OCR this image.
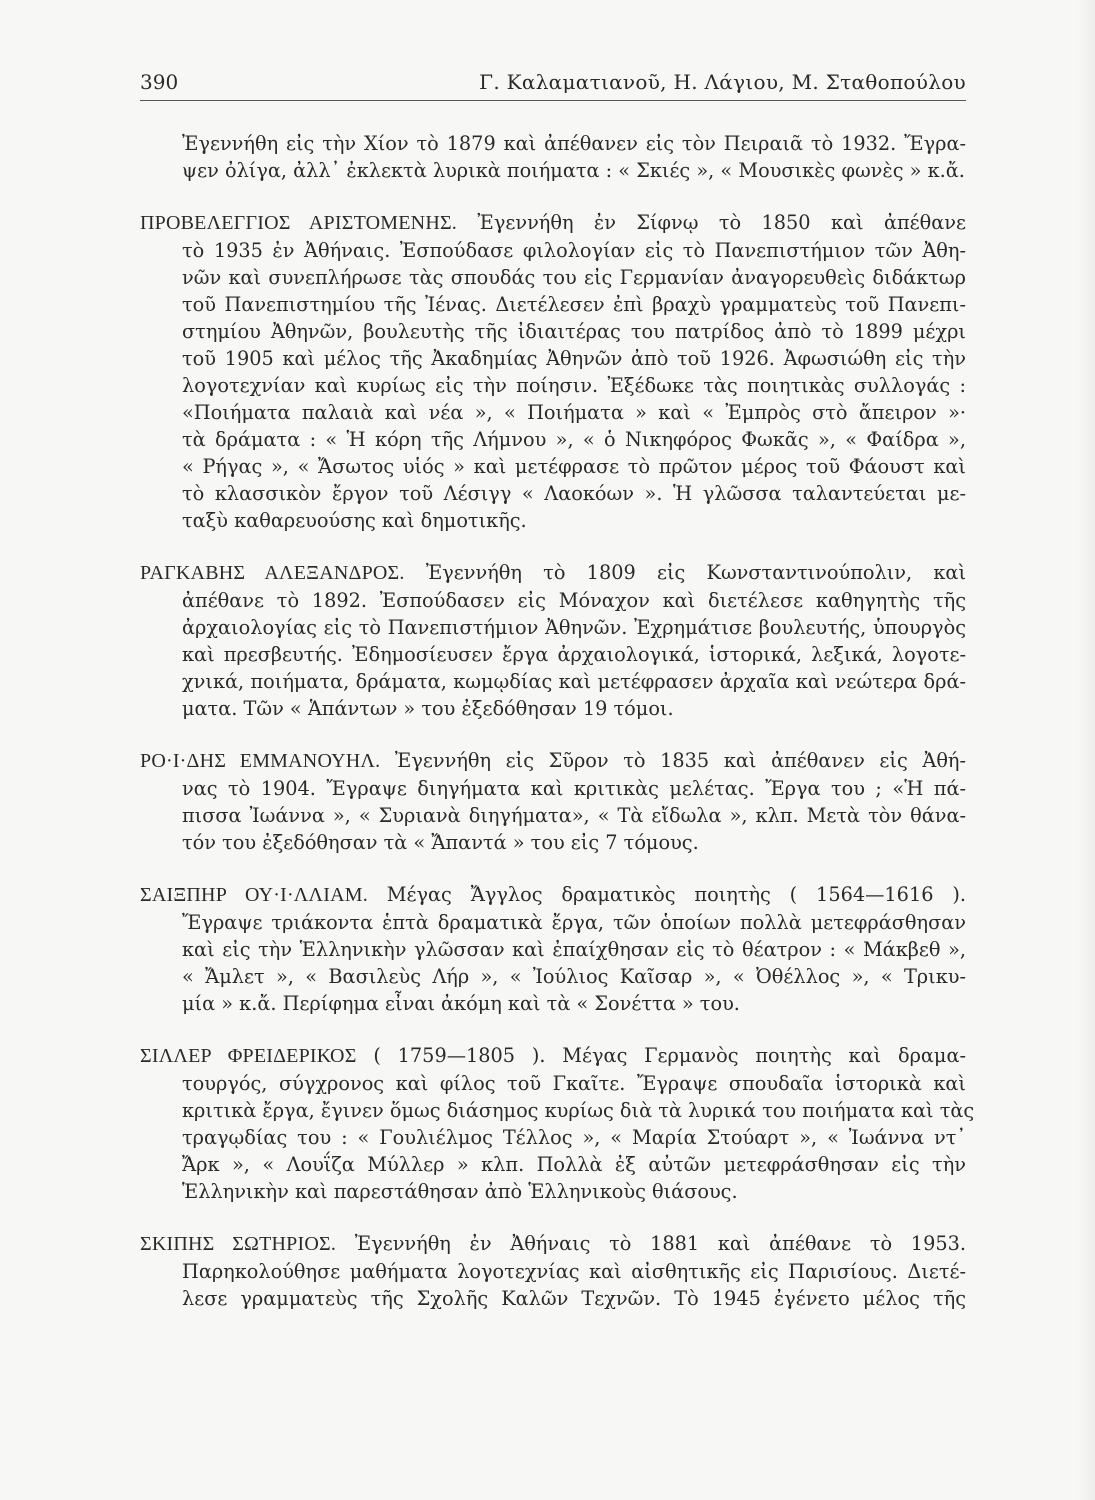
390	Γ. Καλαματιανοῦ, Η. Λάγιου, Μ. Σταθοπούλου

Ἐγεννήθη εἰς τὴν Χίον τὸ 1879 καὶ ἀπέθανεν εἰς τὸν Πειραιᾶ τὸ 1932. Ἔγρα-
ψεν ὀλίγα, ἀλλ᾽ ἐκλεκτὰ λυρικὰ ποιήματα : « Σκιές », « Μουσικὲς φωνὲς » κ.ἄ.

ΠΡΟΒΕΛΕΓΓΙΟΣ ΑΡΙΣΤΟΜΕΝΗΣ. Ἐγεννήθη ἐν Σίφνῳ τὸ 1850 καὶ ἀπέθανε
τὸ 1935 ἐν Ἀθήναις. Ἐσπούδασε φιλολογίαν εἰς τὸ Πανεπιστήμιον τῶν Ἀθη-
νῶν καὶ συνεπλήρωσε τὰς σπουδάς του εἰς Γερμανίαν ἀναγορευθεὶς διδάκτωρ
τοῦ Πανεπιστημίου τῆς Ἰένας. Διετέλεσεν ἐπὶ βραχὺ γραμματεὺς τοῦ Πανεπι-
στημίου Ἀθηνῶν, βουλευτὴς τῆς ἰδιαιτέρας του πατρίδος ἀπὸ τὸ 1899 μέχρι
τοῦ 1905 καὶ μέλος τῆς Ἀκαδημίας Ἀθηνῶν ἀπὸ τοῦ 1926. Ἀφωσιώθη εἰς τὴν
λογοτεχνίαν καὶ κυρίως εἰς τὴν ποίησιν. Ἐξέδωκε τὰς ποιητικὰς συλλογάς :
«Ποιήματα παλαιὰ καὶ νέα », « Ποιήματα » καὶ « Ἐμπρὸς στὸ ἄπειρον »·
τὰ δράματα : « Ἡ κόρη τῆς Λήμνου », « ὁ Νικηφόρος Φωκᾶς », « Φαίδρα »,
« Ρήγας », « Ἄσωτος υἱός » καὶ μετέφρασε τὸ πρῶτον μέρος τοῦ Φάουστ καὶ
τὸ κλασσικὸν ἔργον τοῦ Λέσιγγ « Λαοκόων ». Ἡ γλῶσσα ταλαντεύεται με-
ταξὺ καθαρευούσης καὶ δημοτικῆς.

ΡΑΓΚΑΒΗΣ ΑΛΕΞΑΝΔΡΟΣ. Ἐγεννήθη τὸ 1809 εἰς Κωνσταντινούπολιν, καὶ
ἀπέθανε τὸ 1892. Ἐσπούδασεν εἰς Μόναχον καὶ διετέλεσε καθηγητὴς τῆς
ἀρχαιολογίας εἰς τὸ Πανεπιστήμιον Ἀθηνῶν. Ἐχρημάτισε βουλευτής, ὑπουργὸς
καὶ πρεσβευτής. Ἐδημοσίευσεν ἔργα ἀρχαιολογικά, ἱστορικά, λεξικά, λογοτε-
χνικά, ποιήματα, δράματα, κωμῳδίας καὶ μετέφρασεν ἀρχαῖα καὶ νεώτερα δρά-
ματα. Τῶν « Ἁπάντων » του ἐξεδόθησαν 19 τόμοι.

ΡΟ·Ι·ΔΗΣ ΕΜΜΑΝΟΥΗΛ. Ἐγεννήθη εἰς Σῦρον τὸ 1835 καὶ ἀπέθανεν εἰς Ἀθή-
νας τὸ 1904. Ἔγραψε διηγήματα καὶ κριτικὰς μελέτας. Ἔργα του ; «Ἡ πά-
πισσα Ἰωάννα », « Συριανὰ διηγήματα», « Τὰ εἴδωλα », κλπ. Μετὰ τὸν θάνα-
τόν του ἐξεδόθησαν τὰ « Ἄπαντά » του εἰς 7 τόμους.

ΣΑΙΞΠΗΡ ΟΥ·Ι·ΛΛΙΑΜ. Μέγας Ἄγγλος δραματικὸς ποιητὴς ( 1564—1616 ).
Ἔγραψε τριάκοντα ἑπτὰ δραματικὰ ἔργα, τῶν ὁποίων πολλὰ μετεφράσθησαν
καὶ εἰς τὴν Ἑλληνικὴν γλῶσσαν καὶ ἐπαίχθησαν εἰς τὸ θέατρον : « Μάκβεθ »,
« Ἄμλετ », « Βασιλεὺς Λήρ », « Ἰούλιος Καῖσαρ », « Ὀθέλλος », « Τρικυ-
μία » κ.ἄ. Περίφημα εἶναι ἀκόμη καὶ τὰ « Σονέττα » του.

ΣΙΛΛΕΡ ΦΡΕΙΔΕΡΙΚΟΣ ( 1759—1805 ). Μέγας Γερμανὸς ποιητὴς καὶ δραμα-
τουργός, σύγχρονος καὶ φίλος τοῦ Γκαῖτε. Ἔγραψε σπουδαῖα ἱστορικὰ καὶ
κριτικὰ ἔργα, ἔγινεν ὅμως διάσημος κυρίως διὰ τὰ λυρικά του ποιήματα καὶ τὰς
τραγῳδίας του : « Γουλιέλμος Τέλλος », « Μαρία Στούαρτ », « Ἰωάννα ντ᾽
Ἄρκ », « Λουΐζα Μύλλερ » κλπ. Πολλὰ ἐξ αὐτῶν μετεφράσθησαν εἰς τὴν
Ἑλληνικὴν καὶ παρεστάθησαν ἀπὸ Ἑλληνικοὺς θιάσους.

ΣΚΙΠΗΣ ΣΩΤΗΡΙΟΣ. Ἐγεννήθη ἐν Ἀθήναις τὸ 1881 καὶ ἀπέθανε τὸ 1953.
Παρηκολούθησε μαθήματα λογοτεχνίας καὶ αἰσθητικῆς εἰς Παρισίους. Διετέ-
λεσε γραμματεὺς τῆς Σχολῆς Καλῶν Τεχνῶν. Τὸ 1945 ἐγένετο μέλος τῆς
